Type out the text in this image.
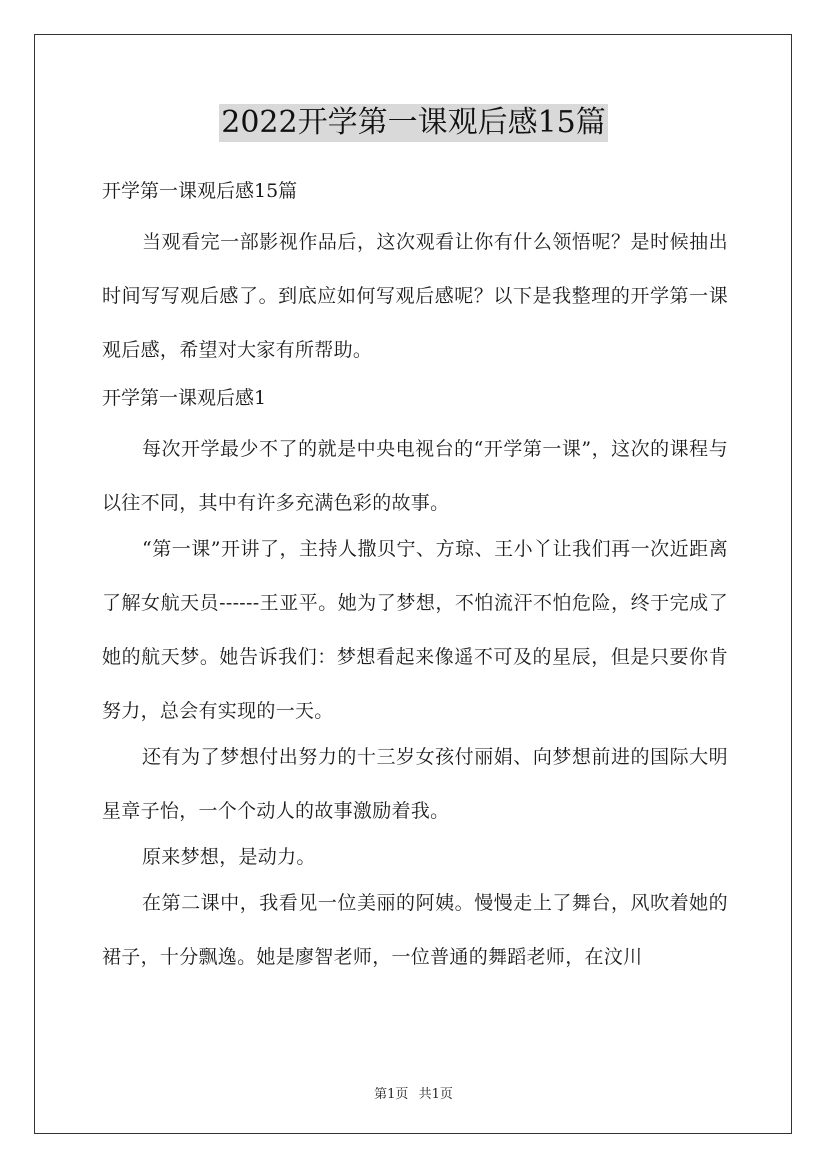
2022开学第一课观后感15篇

开学第一课观后感15篇

当观看完一部影视作品后，这次观看让你有什么领悟呢？是时候抽出时间写写观后感了。到底应如何写观后感呢？以下是我整理的开学第一课观后感，希望对大家有所帮助。

开学第一课观后感1

每次开学最少不了的就是中央电视台的“开学第一课”，这次的课程与以往不同，其中有许多充满色彩的故事。

“第一课”开讲了，主持人撒贝宁、方琼、王小丫让我们再一次近距离了解女航天员------王亚平。她为了梦想，不怕流汗不怕危险，终于完成了她的航天梦。她告诉我们：梦想看起来像遥不可及的星辰，但是只要你肯努力，总会有实现的一天。

还有为了梦想付出努力的十三岁女孩付丽娟、向梦想前进的国际大明星章子怡，一个个动人的故事激励着我。

原来梦想，是动力。

在第二课中，我看见一位美丽的阿姨。慢慢走上了舞台，风吹着她的裙子，十分飘逸。她是廖智老师，一位普通的舞蹈老师，在汶川

第1页 共1页
